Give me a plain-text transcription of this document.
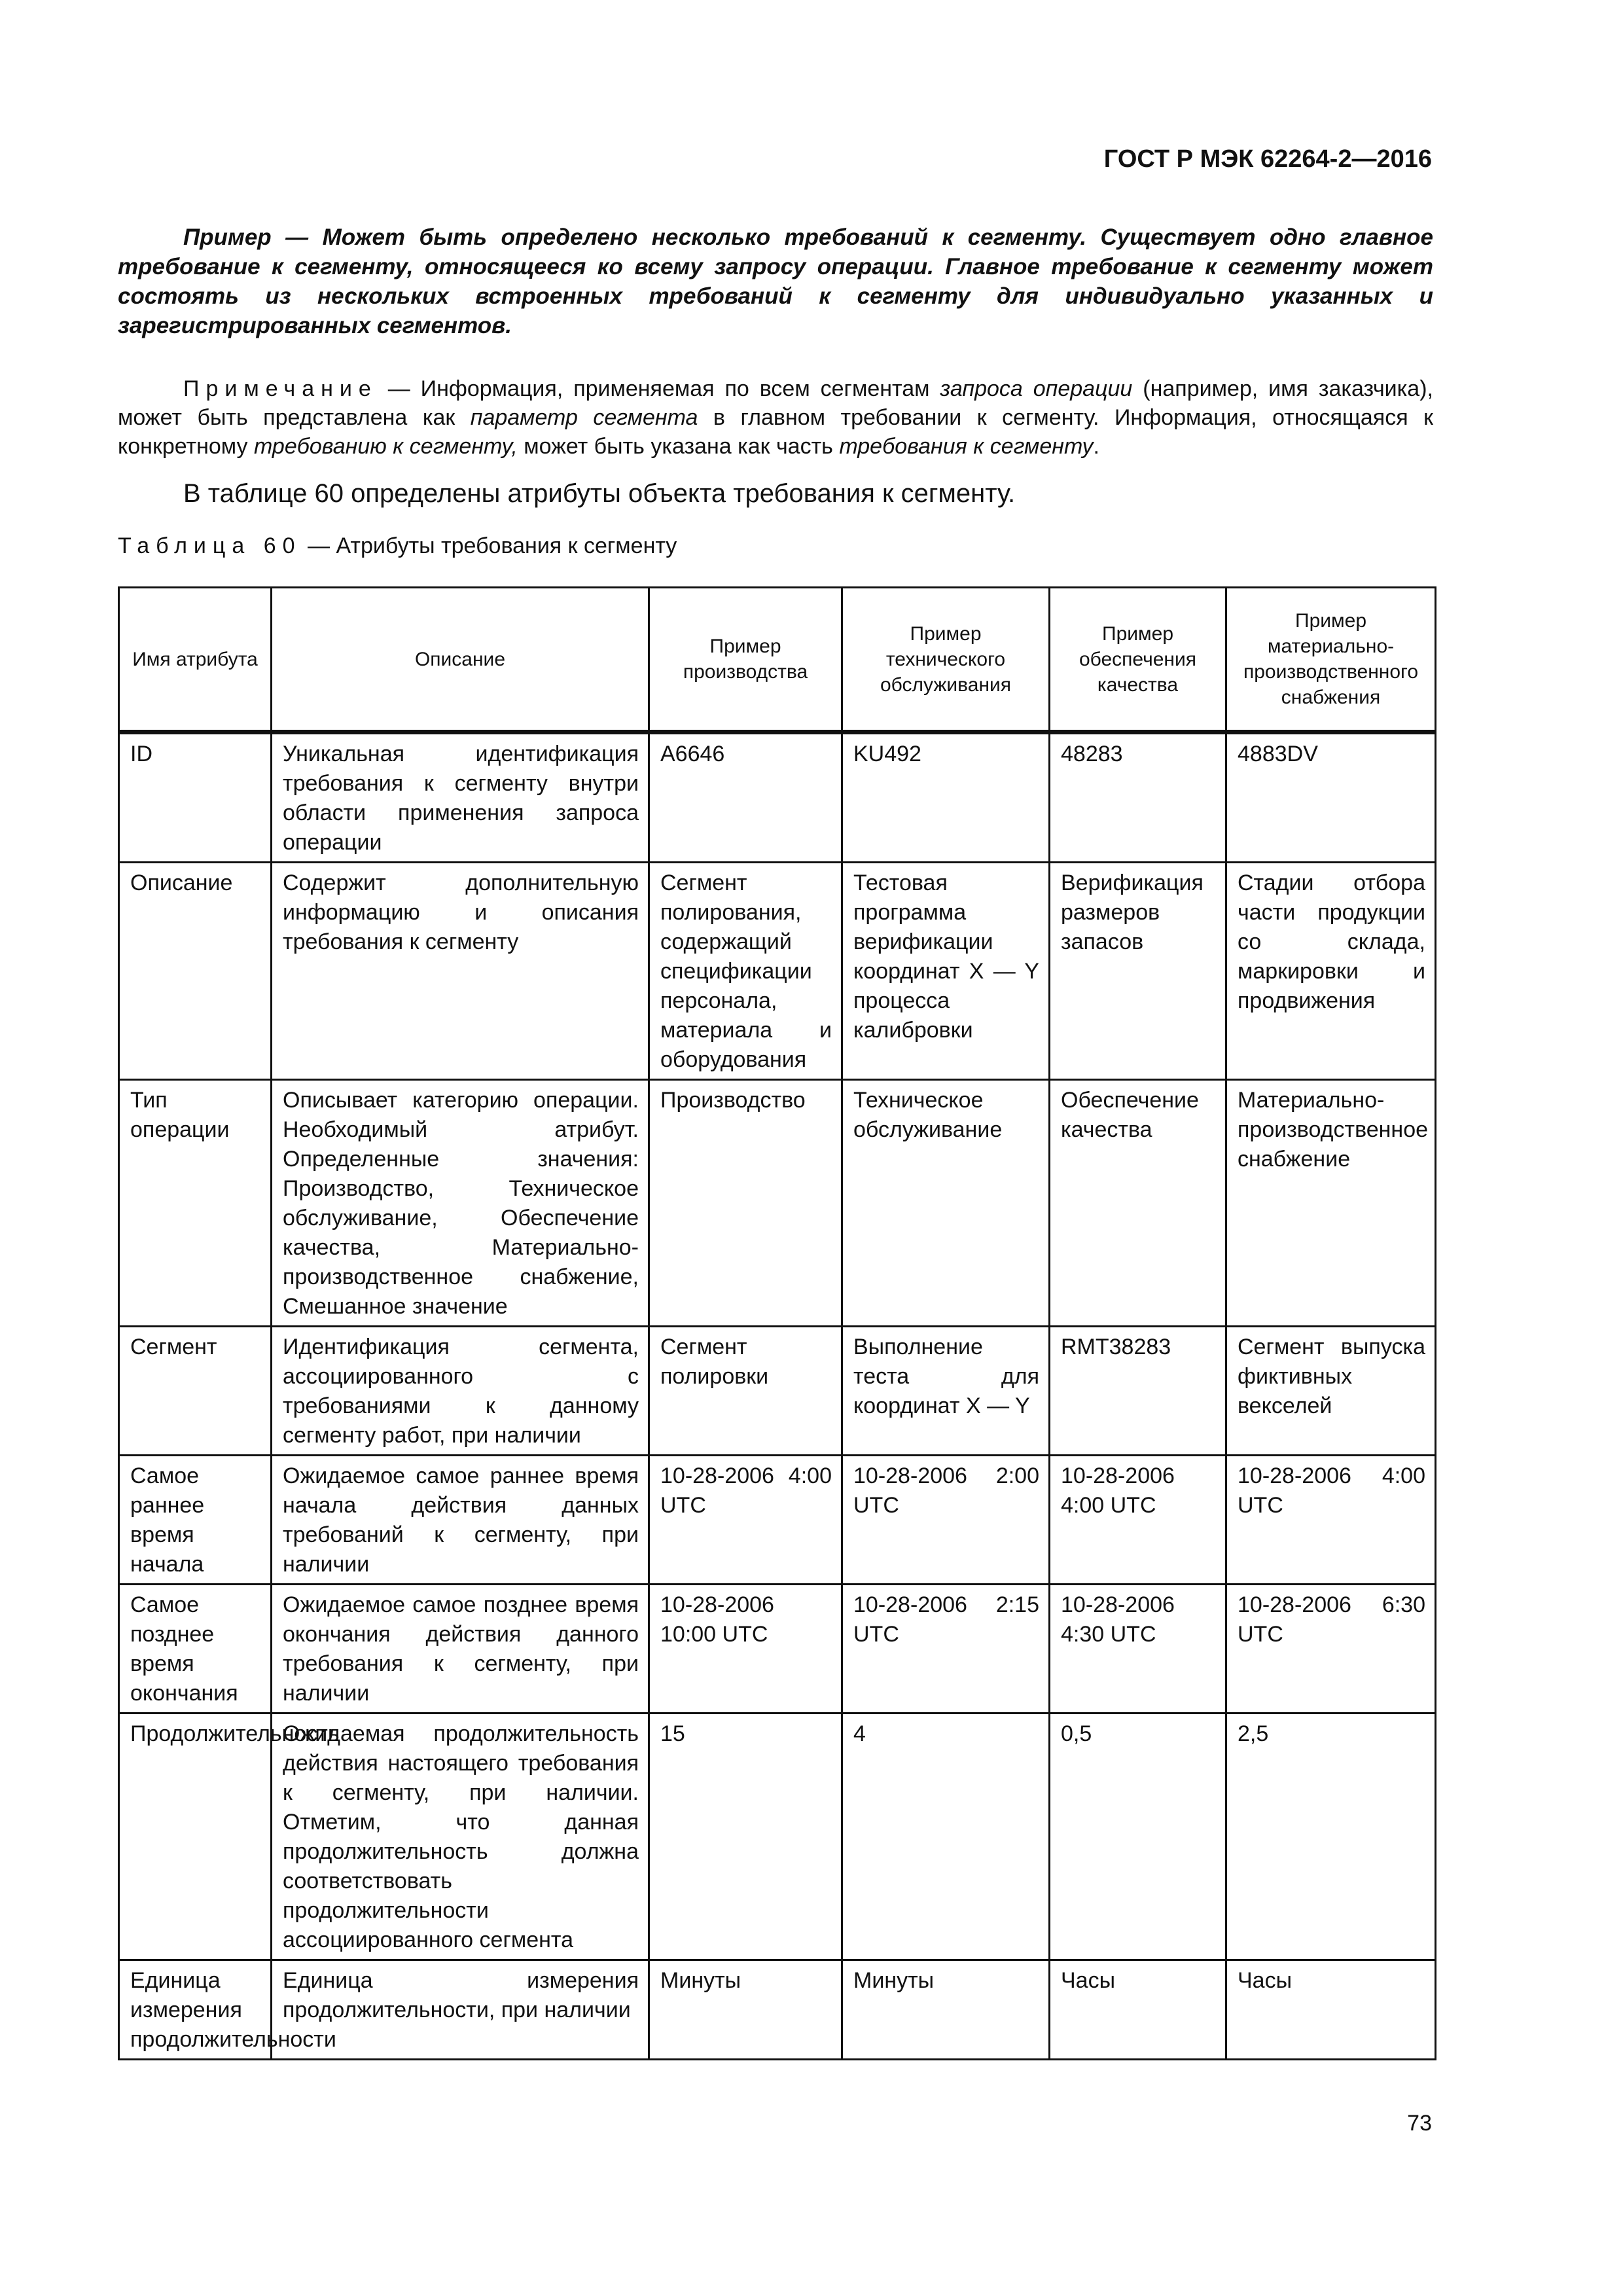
ГОСТ Р МЭК 62264-2—2016

Пример — Может быть определено несколько требований к сегменту. Существует одно главное требование к сегменту, относящееся ко всему запросу операции. Главное требование к сегменту может состоять из нескольких встроенных требований к сегменту для индивидуально указанных и зарегистрированных сегментов.

Примечание — Информация, применяемая по всем сегментам запроса операции (например, имя заказчика), может быть представлена как параметр сегмента в главном требовании к сегменту. Информация, относящаяся к конкретному требованию к сегменту, может быть указана как часть требования к сегменту.

В таблице 60 определены атрибуты объекта требования к сегменту.

Таблица 60 — Атрибуты требования к сегменту

Имя атрибута	Описание	Пример производства	Пример технического обслуживания	Пример обеспечения качества	Пример материально-производственного снабжения
ID	Уникальная идентификация требования к сегменту внутри области применения запроса операции	A6646	KU492	48283	4883DV
Описание	Содержит дополнительную информацию и описания требования к сегменту	Сегмент полирования, содержащий спецификации персонала, материала и оборудования	Тестовая программа верификации координат X — Y процесса калибровки	Верификация размеров запасов	Стадии отбора части продукции со склада, маркировки и продвижения
Тип операции	Описывает категорию операции. Необходимый атрибут. Определенные значения: Производство, Техническое обслуживание, Обеспечение качества, Материально-производственное снабжение, Смешанное значение	Производство	Техническое обслуживание	Обеспечение качества	Материально-производственное снабжение
Сегмент	Идентификация сегмента, ассоциированного с требованиями к данному сегменту работ, при наличии	Сегмент полировки	Выполнение теста для координат X — Y	RMT38283	Сегмент выпуска фиктивных векселей
Самое раннее время начала	Ожидаемое самое раннее время начала действия данных требований к сегменту, при наличии	10-28-2006 4:00 UTC	10-28-2006 2:00 UTC	10-28-2006 4:00 UTC	10-28-2006 4:00 UTC
Самое позднее время окончания	Ожидаемое самое позднее время окончания действия данного требования к сегменту, при наличии	10-28-2006 10:00 UTC	10-28-2006 2:15 UTC	10-28-2006 4:30 UTC	10-28-2006 6:30 UTC
Продолжительность	Ожидаемая продолжительность действия настоящего требования к сегменту, при наличии. Отметим, что данная продолжительность должна соответствовать продолжительности ассоциированного сегмента	15	4	0,5	2,5
Единица измерения продолжительности	Единица измерения продолжительности, при наличии	Минуты	Минуты	Часы	Часы
73
